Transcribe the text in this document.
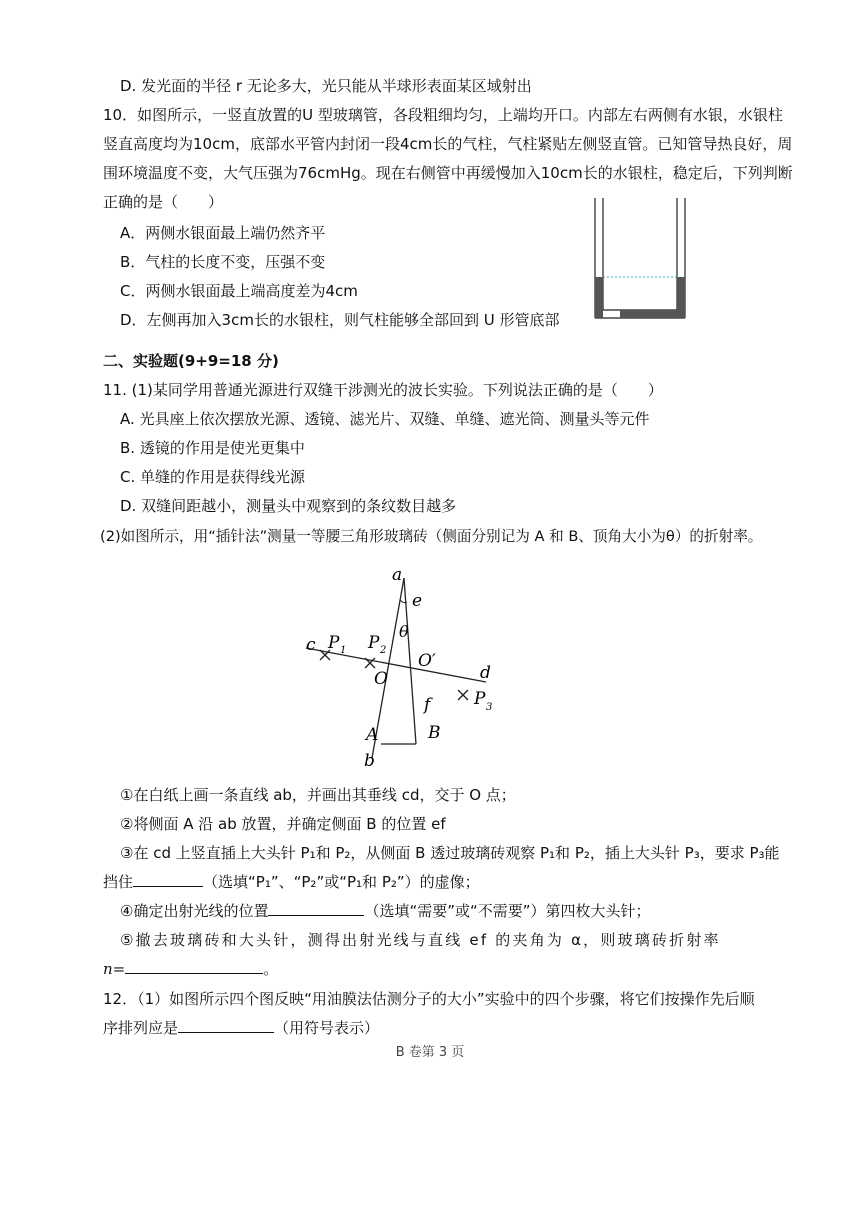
D. 发光面的半径 r 无论多大，光只能从半球形表面某区域射出
10．如图所示，一竖直放置的U 型玻璃管，各段粗细均匀，上端均开口。内部左右两侧有水银，水银柱
竖直高度均为10cm，底部水平管内封闭一段4cm长的气柱，气柱紧贴左侧竖直管。已知管导热良好，周
围环境温度不变，大气压强为76cmHg。现在右侧管中再缓慢加入10cm长的水银柱，稳定后，下列判断
正确的是（　　）
A．两侧水银面最上端仍然齐平
B．气柱的长度不变，压强不变
C．两侧水银面最上端高度差为4cm
D．左侧再加入3cm长的水银柱，则气柱能够全部回到 U 形管底部
二、实验题(9+9=18 分)
11. (1)某同学用普通光源进行双缝干涉测光的波长实验。下列说法正确的是（　　）
A. 光具座上依次摆放光源、透镜、滤光片、双缝、单缝、遮光筒、测量头等元件
B. 透镜的作用是使光更集中
C. 单缝的作用是获得线光源
D. 双缝间距越小，测量头中观察到的条纹数目越多
(2)如图所示，用“插针法”测量一等腰三角形玻璃砖（侧面分别记为 A 和 B、顶角大小为θ）的折射率。
a
e
θ
c P 1 P 2
O′
O	d
f	P 3
A	B
b
①在白纸上画一条直线 ab，并画出其垂线 cd，交于 O 点；
②将侧面 A 沿 ab 放置，并确定侧面 B 的位置 ef
③在 cd 上竖直插上大头针 P₁和 P₂，从侧面 B 透过玻璃砖观察 P₁和 P₂，插上大头针 P₃，要求 P₃能
挡住	（选填“P₁”、“P₂”或“P₁和 P₂”）的虚像；
④确定出射光线的位置	（选填“需要”或“不需要”）第四枚大头针；
⑤撤去玻璃砖和大头针，测得出射光线与直线 ef 的夹角为 α，则玻璃砖折射率
n=	。
12．（1）如图所示四个图反映“用油膜法估测分子的大小”实验中的四个步骤，将它们按操作先后顺
序排列应是	（用符号表示）
B 卷第 3 页
